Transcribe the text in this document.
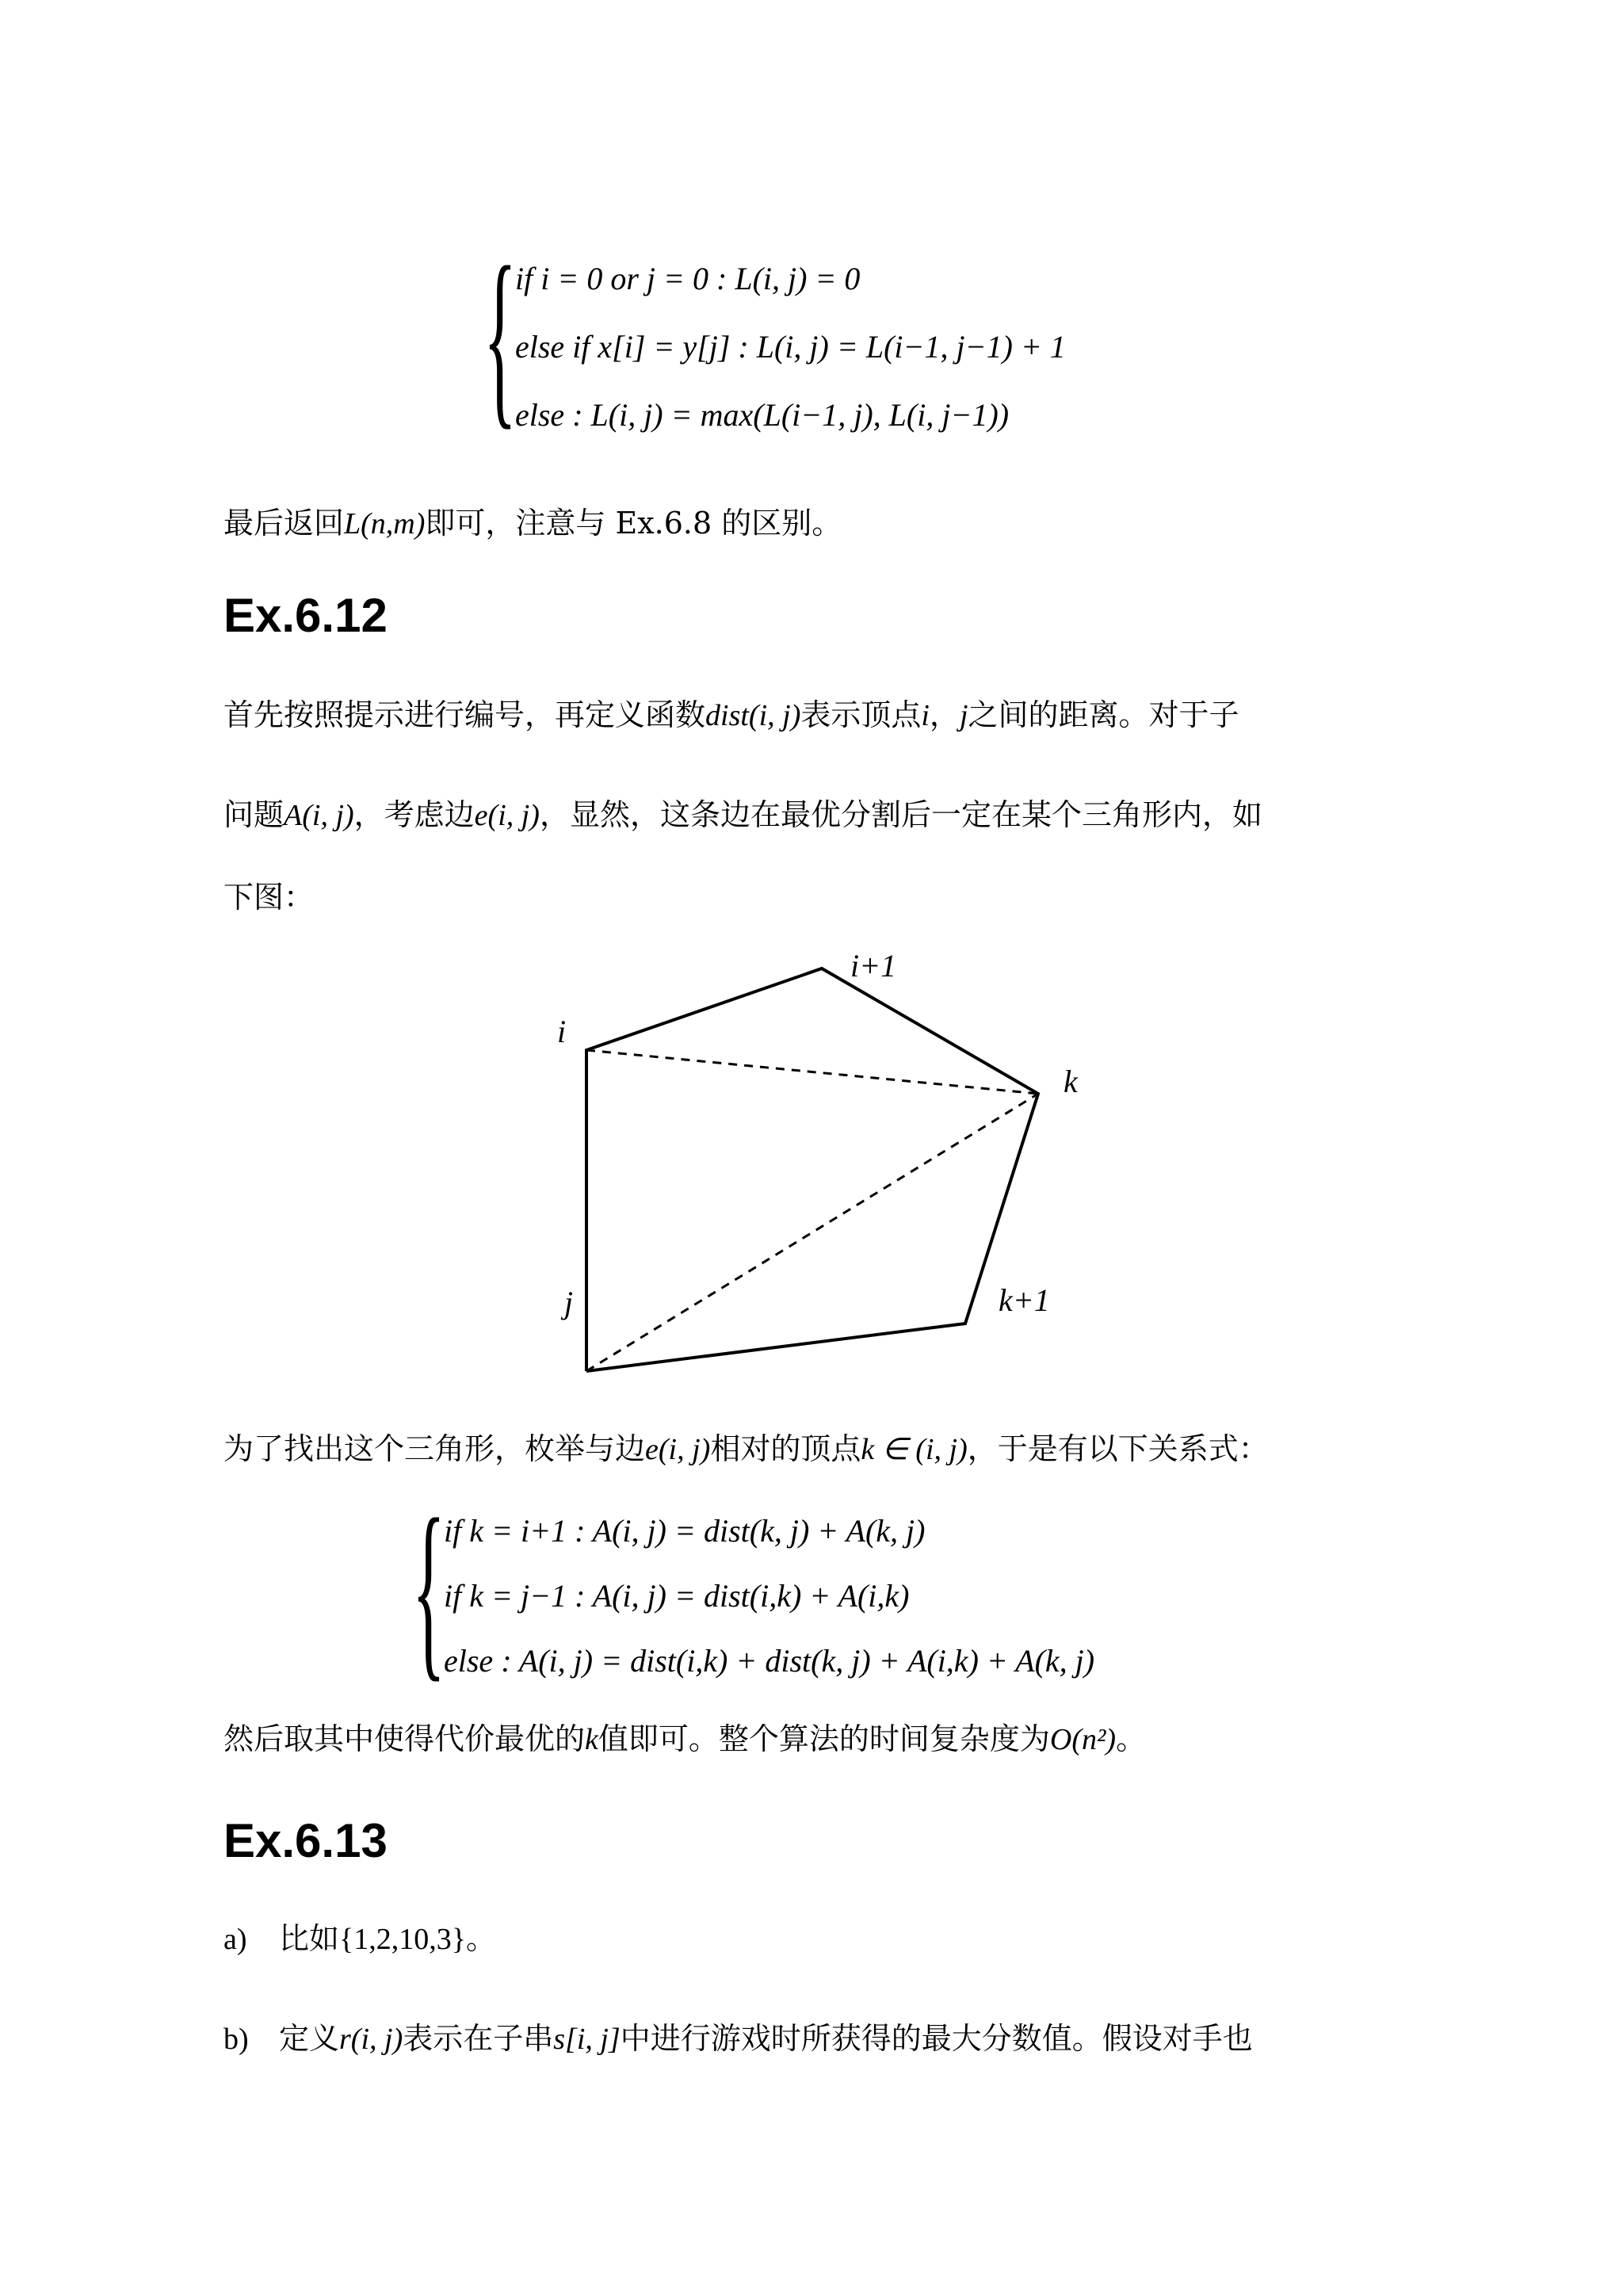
{
if i = 0 or j = 0 : L(i, j) = 0
else if x[i] = y[j] : L(i, j) = L(i−1, j−1) + 1
else : L(i, j) = max(L(i−1, j), L(i, j−1))
最后返回L(n,m)即可，注意与 Ex.6.8 的区别。
Ex.6.12
首先按照提示进行编号，再定义函数dist(i, j)表示顶点i，j之间的距离。对于子
问题A(i, j)，考虑边e(i, j)，显然，这条边在最优分割后一定在某个三角形内，如
下图：
i+1
i
k
k+1
j
为了找出这个三角形，枚举与边e(i, j)相对的顶点k ∈ (i, j)，于是有以下关系式：
{
if k = i+1 : A(i, j) = dist(k, j) + A(k, j)
if k = j−1 : A(i, j) = dist(i,k) + A(i,k)
else : A(i, j) = dist(i,k) + dist(k, j) + A(i,k) + A(k, j)
然后取其中使得代价最优的k值即可。整个算法的时间复杂度为O(n²)。
Ex.6.13
a) 比如{1,2,10,3}。
b) 定义r(i, j)表示在子串s[i, j]中进行游戏时所获得的最大分数值。假设对手也
